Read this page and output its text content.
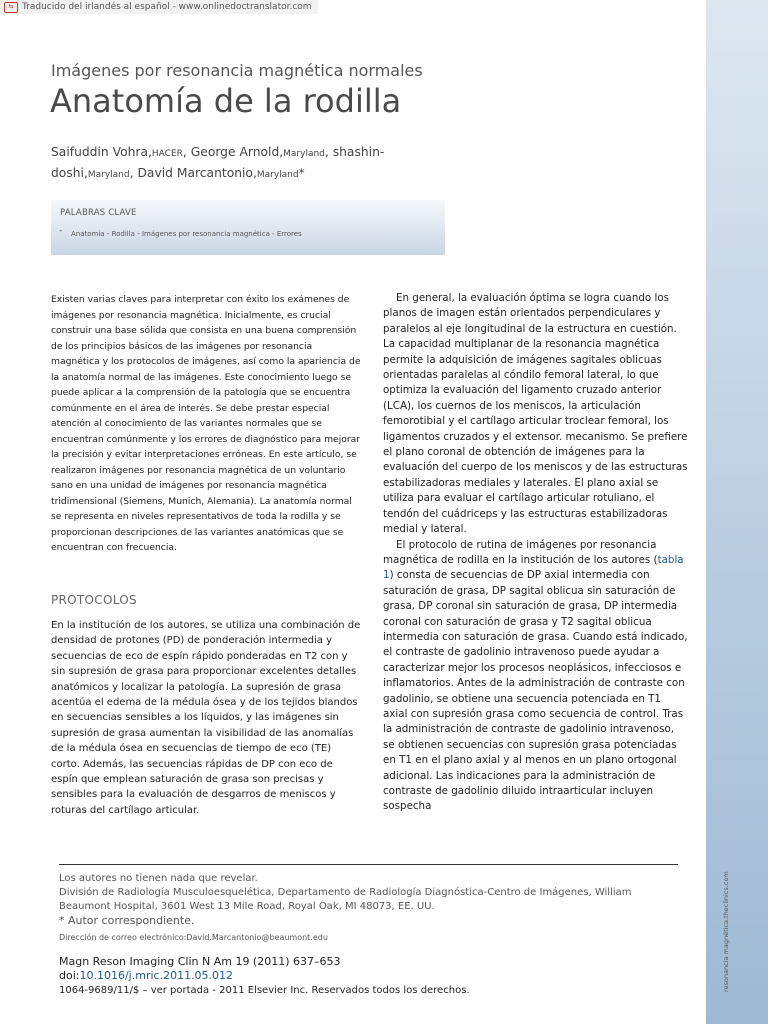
resonancia magnética.theclinics.com
⇆ Traducido del irlandés al español - www.onlinedoctranslator.com
Imágenes por resonancia magnética normales
Anatomía de la rodilla
Saifuddin Vohra,HACER, George Arnold,Maryland, shashin-doshi,Maryland, David Marcantonio,Maryland*
PALABRAS CLAVE
- Anatomía - Rodilla - Imágenes por resonancia magnética - Errores

Existen varias claves para interpretar con éxito los exámenes de imágenes por resonancia magnética. Inicialmente, es crucial construir una base sólida que consista en una buena comprensión de los principios básicos de las imágenes por resonancia magnética y los protocolos de imágenes, así como la apariencia de la anatomía normal de las imágenes. Este conocimiento luego se puede aplicar a la comprensión de la patología que se encuentra comúnmente en el área de interés. Se debe prestar especial atención al conocimiento de las variantes normales que se encuentran comúnmente y los errores de diagnóstico para mejorar la precisión y evitar interpretaciones erróneas. En este artículo, se realizaron imágenes por resonancia magnética de un voluntario sano en una unidad de imágenes por resonancia magnética tridimensional (Siemens, Munich, Alemania). La anatomía normal se representa en niveles representativos de toda la rodilla y se proporcionan descripciones de las variantes anatómicas que se encuentran con frecuencia.

PROTOCOLOS
En la institución de los autores, se utiliza una combinación de densidad de protones (PD) de ponderación intermedia y secuencias de eco de espín rápido ponderadas en T2 con y sin supresión de grasa para proporcionar excelentes detalles anatómicos y localizar la patología. La supresión de grasa acentúa el edema de la médula ósea y de los tejidos blandos en secuencias sensibles a los líquidos, y las imágenes sin supresión de grasa aumentan la visibilidad de las anomalías de la médula ósea en secuencias de tiempo de eco (TE) corto. Además, las secuencias rápidas de DP con eco de espín que emplean saturación de grasa son precisas y sensibles para la evaluación de desgarros de meniscos y roturas del cartílago articular.

En general, la evaluación óptima se logra cuando los planos de imagen están orientados perpendiculares y paralelos al eje longitudinal de la estructura en cuestión. La capacidad multiplanar de la resonancia magnética permite la adquisición de imágenes sagitales oblicuas orientadas paralelas al cóndilo femoral lateral, lo que optimiza la evaluación del ligamento cruzado anterior (LCA), los cuernos de los meniscos, la articulación femorotibial y el cartílago articular troclear femoral, los ligamentos cruzados y el extensor. mecanismo. Se prefiere el plano coronal de obtención de imágenes para la evaluación del cuerpo de los meniscos y de las estructuras estabilizadoras mediales y laterales. El plano axial se utiliza para evaluar el cartílago articular rotuliano, el tendón del cuádriceps y las estructuras estabilizadoras medial y lateral.

El protocolo de rutina de imágenes por resonancia magnética de rodilla en la institución de los autores (tabla 1) consta de secuencias de DP axial intermedia con saturación de grasa, DP sagital oblicua sin saturación de grasa, DP coronal sin saturación de grasa, DP intermedia coronal con saturación de grasa y T2 sagital oblicua intermedia con saturación de grasa. Cuando está indicado, el contraste de gadolinio intravenoso puede ayudar a caracterizar mejor los procesos neoplásicos, infecciosos e inflamatorios. Antes de la administración de contraste con gadolinio, se obtiene una secuencia potenciada en T1 axial con supresión grasa como secuencia de control. Tras la administración de contraste de gadolinio intravenoso, se obtienen secuencias con supresión grasa potenciadas en T1 en el plano axial y al menos en un plano ortogonal adicional. Las indicaciones para la administración de contraste de gadolinio diluido intraarticular incluyen sospecha

Los autores no tienen nada que revelar.
División de Radiología Musculoesquelética, Departamento de Radiología Diagnóstica-Centro de Imágenes, William Beaumont Hospital, 3601 West 13 Mile Road, Royal Oak, MI 48073, EE. UU.
* Autor correspondiente.
Dirección de correo electrónico:David.Marcantonio@beaumont.edu
Magn Reson Imaging Clin N Am 19 (2011) 637–653
doi:10.1016/j.mric.2011.05.012
1064-9689/11/$ – ver portada - 2011 Elsevier Inc. Reservados todos los derechos.
